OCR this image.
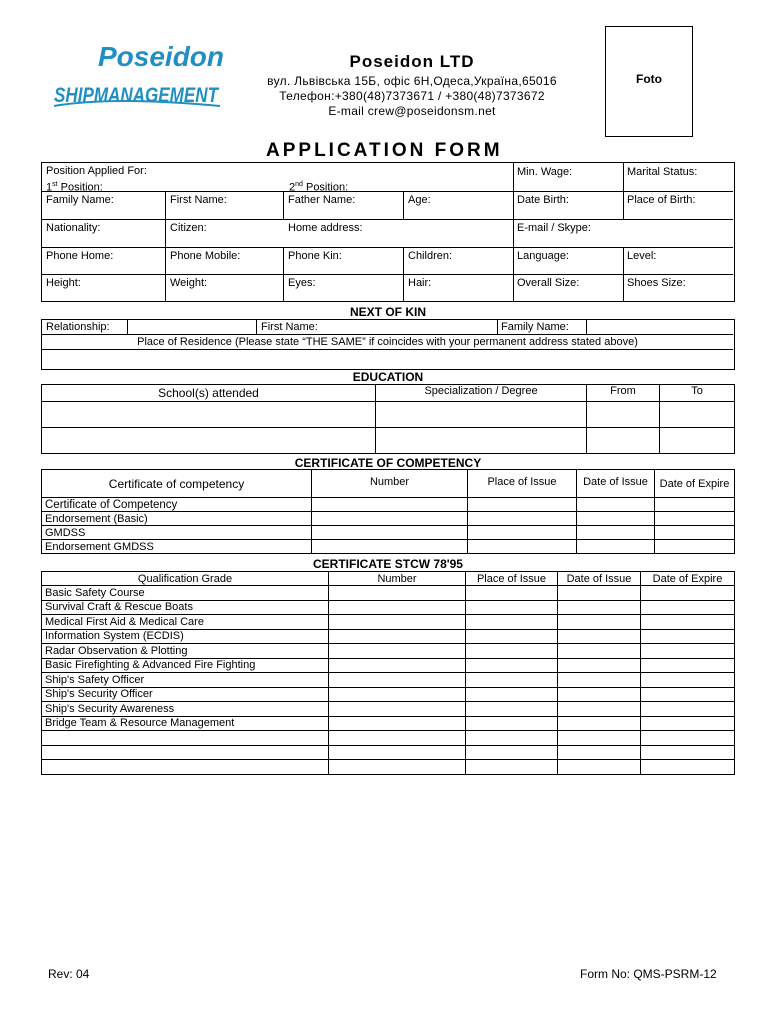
Poseidon
SHIPMANAGEMENT
Poseidon LTD
вул. Львівська 15Б, офіс 6Н,Одеса,Україна,65016
Телефон:+380(48)7373671 / +380(48)7373672
E-mail crew@poseidonsm.net
Foto
APPLICATION FORM
Position Applied For:
1st Position:	2nd Position:
Min. Wage:	Marital Status:
Family Name:	First Name:	Father Name:	Age:	Date Birth:	Place of Birth:
Nationality:	Citizen:	Home address:	E-mail / Skype:
Phone Home:	Phone Mobile:	Phone Kin:	Children:	Language:	Level:
Height:	Weight:	Eyes:	Hair:	Overall Size:	Shoes Size:
NEXT OF KIN
Relationship:	First Name:	Family Name:
Place of Residence (Please state “THE SAME” if coincides with your permanent address stated above)
EDUCATION
School(s) attended	Specialization / Degree	From	To

CERTIFICATE OF COMPETENCY
Certificate of competency	Number	Place of Issue	Date of Issue	Date of Expire
Certificate of Competency				
Endorsement (Basic)				
GMDSS				
Endorsement GMDSS				
CERTIFICATE STCW 78'95
Qualification Grade	Number	Place of Issue	Date of Issue	Date of Expire
Basic Safety Course				
Survival Craft & Rescue Boats				
Medical First Aid & Medical Care				
Information System (ECDIS)				
Radar Observation & Plotting				
Basic Firefighting & Advanced Fire Fighting				
Ship's Safety Officer				
Ship's Security Officer				
Ship's Security Awareness				
Bridge Team & Resource Management				

Rev: 04	Form No: QMS-PSRM-12
